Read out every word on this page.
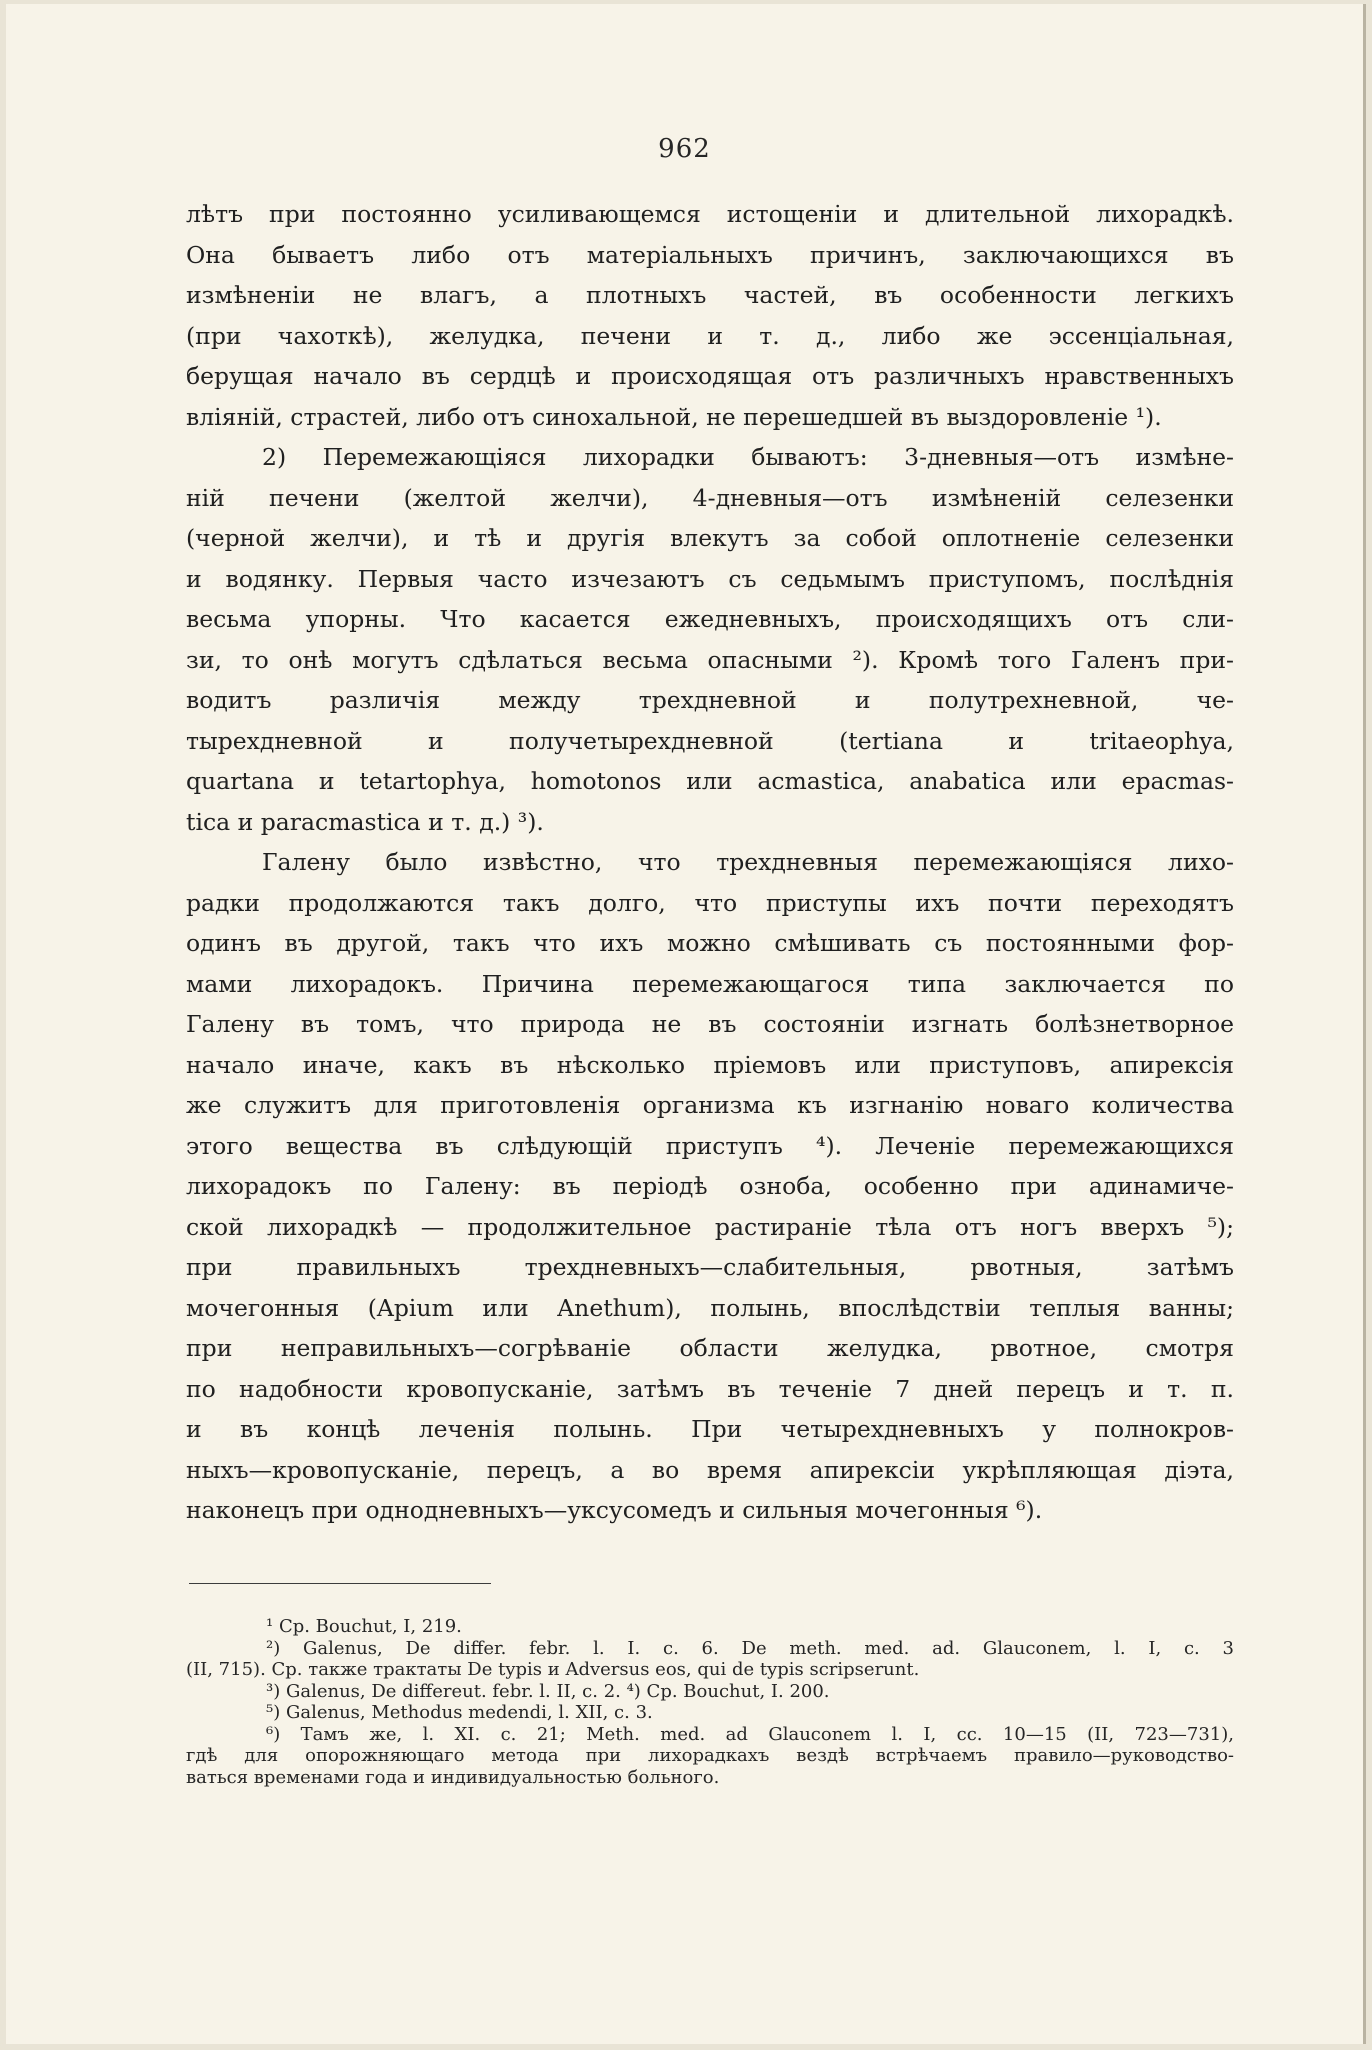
962

лѣтъ при постоянно усиливающемся истощеніи и длительной лихорадкѣ.

Она бываетъ либо отъ матеріальныхъ причинъ, заключающихся въ

измѣненіи не влагъ, а плотныхъ частей, въ особенности легкихъ

(при чахоткѣ), желудка, печени и т. д., либо же эссенціальная,

берущая начало въ сердцѣ и происходящая отъ различныхъ нравственныхъ

вліяній, страстей, либо отъ синохальной, не перешедшей въ выздоровленіе ¹).

2) Перемежающіяся лихорадки бываютъ: 3-дневныя—отъ измѣне-

ній печени (желтой желчи), 4-дневныя—отъ измѣненій селезенки

(черной желчи), и тѣ и другія влекутъ за собой оплотненіе селезенки

и водянку. Первыя часто изчезаютъ съ седьмымъ приступомъ, послѣднія

весьма упорны. Что касается ежедневныхъ, происходящихъ отъ сли-

зи, то онѣ могутъ сдѣлаться весьма опасными ²). Кромѣ того Галенъ при-

водитъ различія между трехдневной и полутрехневной, че-

тырехдневной и получетырехдневной (tertiana и tritaeophya,

quartana и tetartophya, homotonos или acmastica, anabatica или epacmas-

tica и paracmastica и т. д.) ³).

Галену было извѣстно, что трехдневныя перемежающіяся лихо-

радки продолжаются такъ долго, что приступы ихъ почти переходятъ

одинъ въ другой, такъ что ихъ можно смѣшивать съ постоянными фор-

мами лихорадокъ. Причина перемежающагося типа заключается по

Галену въ томъ, что природа не въ состояніи изгнать болѣзнетворное

начало иначе, какъ въ нѣсколько пріемовъ или приступовъ, апирексія

же служитъ для приготовленія организма къ изгнанію новаго количества

этого вещества въ слѣдующій приступъ ⁴). Леченіе перемежающихся

лихорадокъ по Галену: въ періодѣ озноба, особенно при адинамиче-

ской лихорадкѣ — продолжительное растираніе тѣла отъ ногъ вверхъ ⁵);

при правильныхъ трехдневныхъ—слабительныя, рвотныя, затѣмъ

мочегонныя (Apium или Anethum), полынь, впослѣдствіи теплыя ванны;

при неправильныхъ—согрѣваніе области желудка, рвотное, смотря

по надобности кровопусканіе, затѣмъ въ теченіе 7 дней перецъ и т. п.

и въ концѣ леченія полынь. При четырехдневныхъ у полнокров-

ныхъ—кровопусканіе, перецъ, а во время апирексіи укрѣпляющая діэта,

наконецъ при одноднeвныхъ—уксусомедъ и сильныя мочегонныя ⁶).

¹ Ср. Bouchut, I, 219.

²) Galenus, De differ. febr. l. I. c. 6. De meth. med. ad. Glauconem, l. I, c. 3

(II, 715). Ср. также трактаты De typis и Adversus eos, qui de typis scripserunt.

³) Galenus, De differeut. febr. l. II, c. 2. ⁴) Ср. Bouchut, I. 200.

⁵) Galenus, Methodus medendi, l. XII, c. 3.

⁶) Тамъ же, l. XI. c. 21; Meth. med. ad Glauconem l. I, cc. 10—15 (II, 723—731),

гдѣ для опорожняющаго метода при лихорадкахъ вездѣ встрѣчаемъ правило—руководство-

ваться временами года и индивидуальностью больного.
